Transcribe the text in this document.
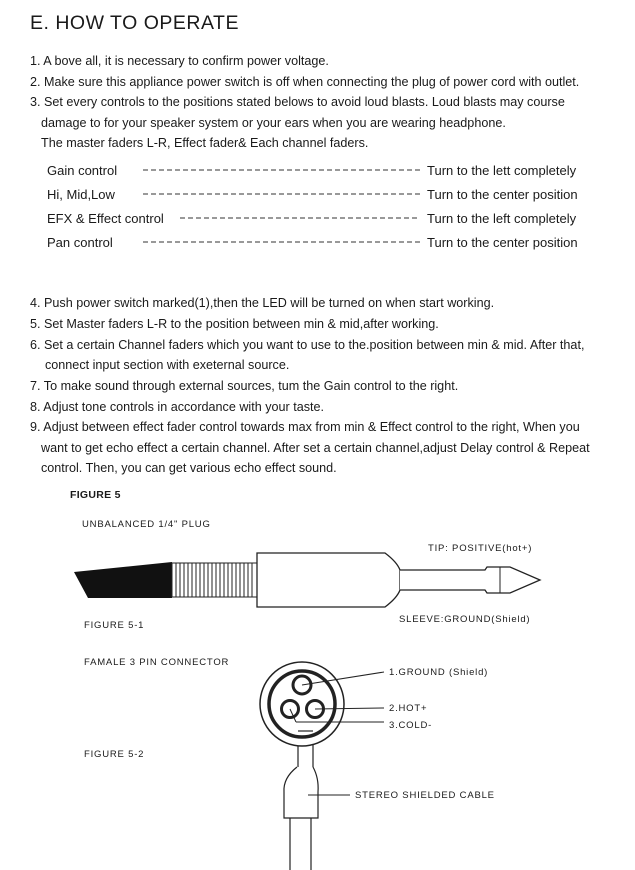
E. HOW TO OPERATE
1. A bove all, it is necessary to confirm power voltage.
2. Make sure this appliance power switch is off when connecting the plug of power cord with outlet.
3. Set every controls to the positions stated belows to avoid loud blasts. Loud blasts may course
damage to for your speaker system or your ears when you are wearing headphone.
The master faders L-R, Effect fader& Each channel faders.
Gain control	Turn to the lett completely
Hi, Mid,Low	Turn to the center position
EFX & Effect control	Turn to the left completely
Pan control	Turn to the center position
4. Push power switch marked(1),then the LED will be turned on when start working.
5. Set Master faders L-R to the position between min & mid,after working.
6. Set a certain Channel faders which you want to use to the.position between min & mid. After that,
connect input section with exeternal source.
7. To make sound through external sources, tum the Gain control to the right.
8. Adjust tone controls in accordance with your taste.
9. Adjust between effect fader control towards max from min & Effect control to the right, When you
want to get echo effect a certain channel. After set a certain channel,adjust Delay control & Repeat
control. Then, you can get various echo effect sound.
FIGURE 5
UNBALANCED 1/4" PLUG
TIP: POSITIVE(hot+)
SLEEVE:GROUND(Shield)
FIGURE 5-1
FAMALE 3 PIN CONNECTOR
1.GROUND (Shield)
2.HOT+
3.COLD-
FIGURE 5-2
STEREO SHIELDED CABLE
